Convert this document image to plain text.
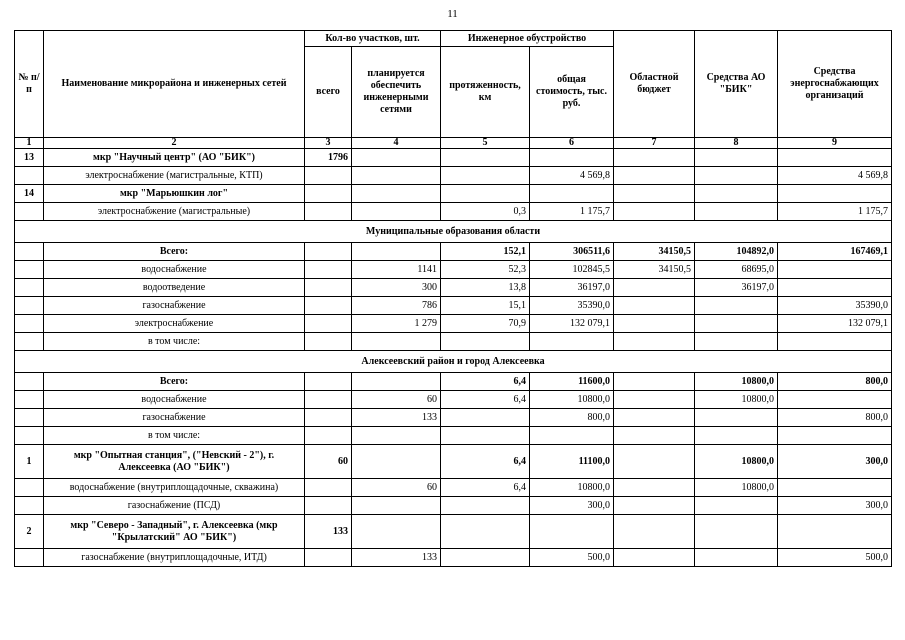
11
№ п/п	Наименование микрорайона и инженерных сетей	Кол-во участков, шт.		Инженерное обустройство		Областной бюджет	Средства АО "БИК"	Средства энергоснабжающих организаций
		всего	планируется обеспечить инженерными сетями	протяженность, км	общая стоимость, тыс. руб.			
1	2	3	4	5	6	7	8	9
13	мкр "Научный центр" (АО "БИК")	1796						
	электроснабжение (магистральные, КТП)				4 569,8			4 569,8
14	мкр "Марьюшкин лог"							
	электроснабжение (магистральные)			0,3	1 175,7			1 175,7
Муниципальные образования области								
	Всего:			152,1	306511,6	34150,5	104892,0	167469,1
	водоснабжение		1141	52,3	102845,5	34150,5	68695,0	
	водоотведение		300	13,8	36197,0		36197,0	
	газоснабжение		786	15,1	35390,0			35390,0
	электроснабжение		1 279	70,9	132 079,1			132 079,1
	в том числе:							
Алексеевский район и город Алексеевка								
	Всего:			6,4	11600,0		10800,0	800,0
	водоснабжение		60	6,4	10800,0		10800,0	
	газоснабжение		133		800,0			800,0
	в том числе:							
1	мкр "Опытная станция", ("Невский - 2"), г. Алексеевка (АО "БИК")	60		6,4	11100,0		10800,0	300,0
	водоснабжение (внутриплощадочные, скважина)		60	6,4	10800,0		10800,0	
	газоснабжение (ПСД)				300,0			300,0
2	мкр "Северо - Западный", г. Алексеевка (мкр "Крылатский" АО "БИК")	133						
	газоснабжение (внутриплощадочные, ИТД)		133		500,0			500,0
